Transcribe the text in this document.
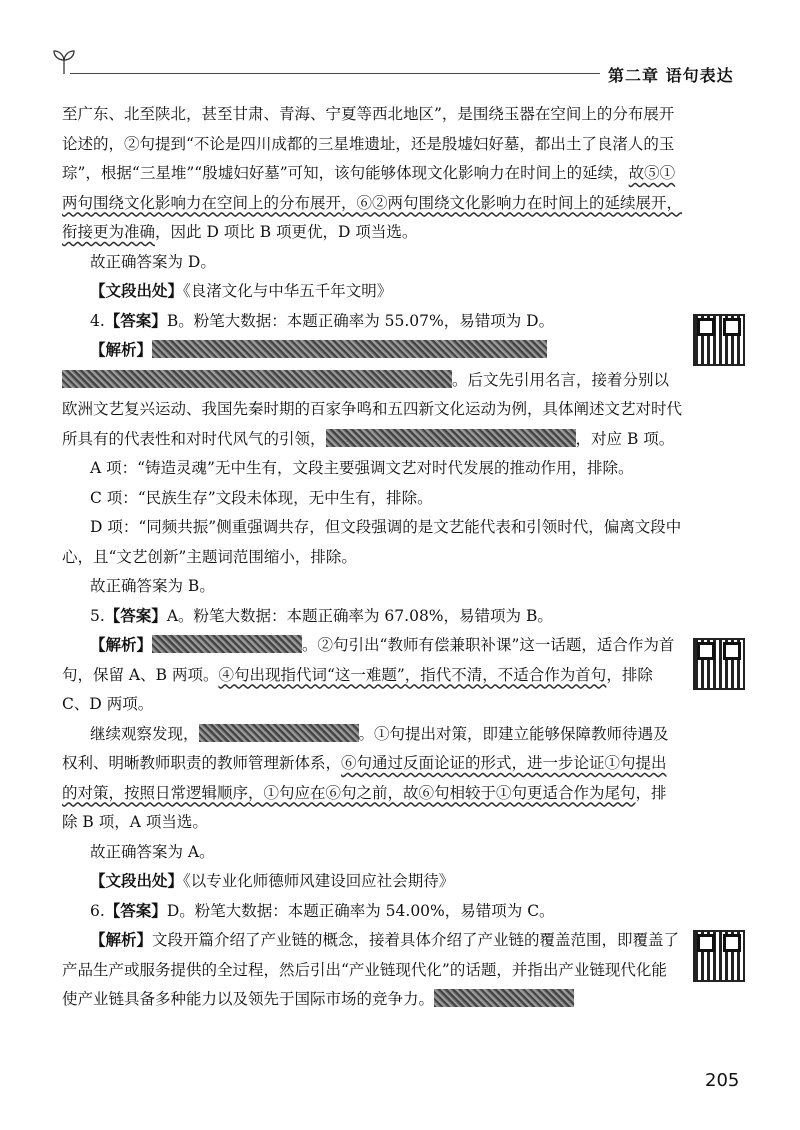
第二章 语句表达

至广东、北至陕北，甚至甘肃、青海、宁夏等西北地区”，是围绕玉器在空间上的分布展开论述的，②句提到“不论是四川成都的三星堆遗址，还是殷墟妇好墓，都出土了良渚人的玉琮”，根据“三星堆”“殷墟妇好墓”可知，该句能够体现文化影响力在时间上的延续，故⑤①两句围绕文化影响力在空间上的分布展开，⑥②两句围绕文化影响力在时间上的延续展开，衔接更为准确，因此 D 项比 B 项更优，D 项当选。

故正确答案为 D。

【文段出处】《良渚文化与中华五千年文明》

4.【答案】B。粉笔大数据：本题正确率为 55.07%，易错项为 D。

【解析】。后文先引用名言，接着分别以欧洲文艺复兴运动、我国先秦时期的百家争鸣和五四新文化运动为例，具体阐述文艺对时代所具有的代表性和对时代风气的引领，	，对应 B 项。

A 项：“铸造灵魂”无中生有，文段主要强调文艺对时代发展的推动作用，排除。

C 项：“民族生存”文段未体现，无中生有，排除。

D 项：“同频共振”侧重强调共存，但文段强调的是文艺能代表和引领时代，偏离文段中心，且“文艺创新”主题词范围缩小，排除。

故正确答案为 B。

5.【答案】A。粉笔大数据：本题正确率为 67.08%，易错项为 B。

【解析】	。②句引出“教师有偿兼职补课”这一话题，适合作为首句，保留 A、B 两项。④句出现指代词“这一难题”，指代不清，不适合作为首句，排除 C、D 两项。

继续观察发现，	。①句提出对策，即建立能够保障教师待遇及权利、明晰教师职责的教师管理新体系，⑥句通过反面论证的形式，进一步论证①句提出的对策，按照日常逻辑顺序，①句应在⑥句之前，故⑥句相较于①句更适合作为尾句，排除 B 项，A 项当选。

故正确答案为 A。

【文段出处】《以专业化师德师风建设回应社会期待》

6.【答案】D。粉笔大数据：本题正确率为 54.00%，易错项为 C。

【解析】文段开篇介绍了产业链的概念，接着具体介绍了产业链的覆盖范围，即覆盖了产品生产或服务提供的全过程，然后引出“产业链现代化”的话题，并指出产业链现代化能使产业链具备多种能力以及领先于国际市场的竞争力。

205
